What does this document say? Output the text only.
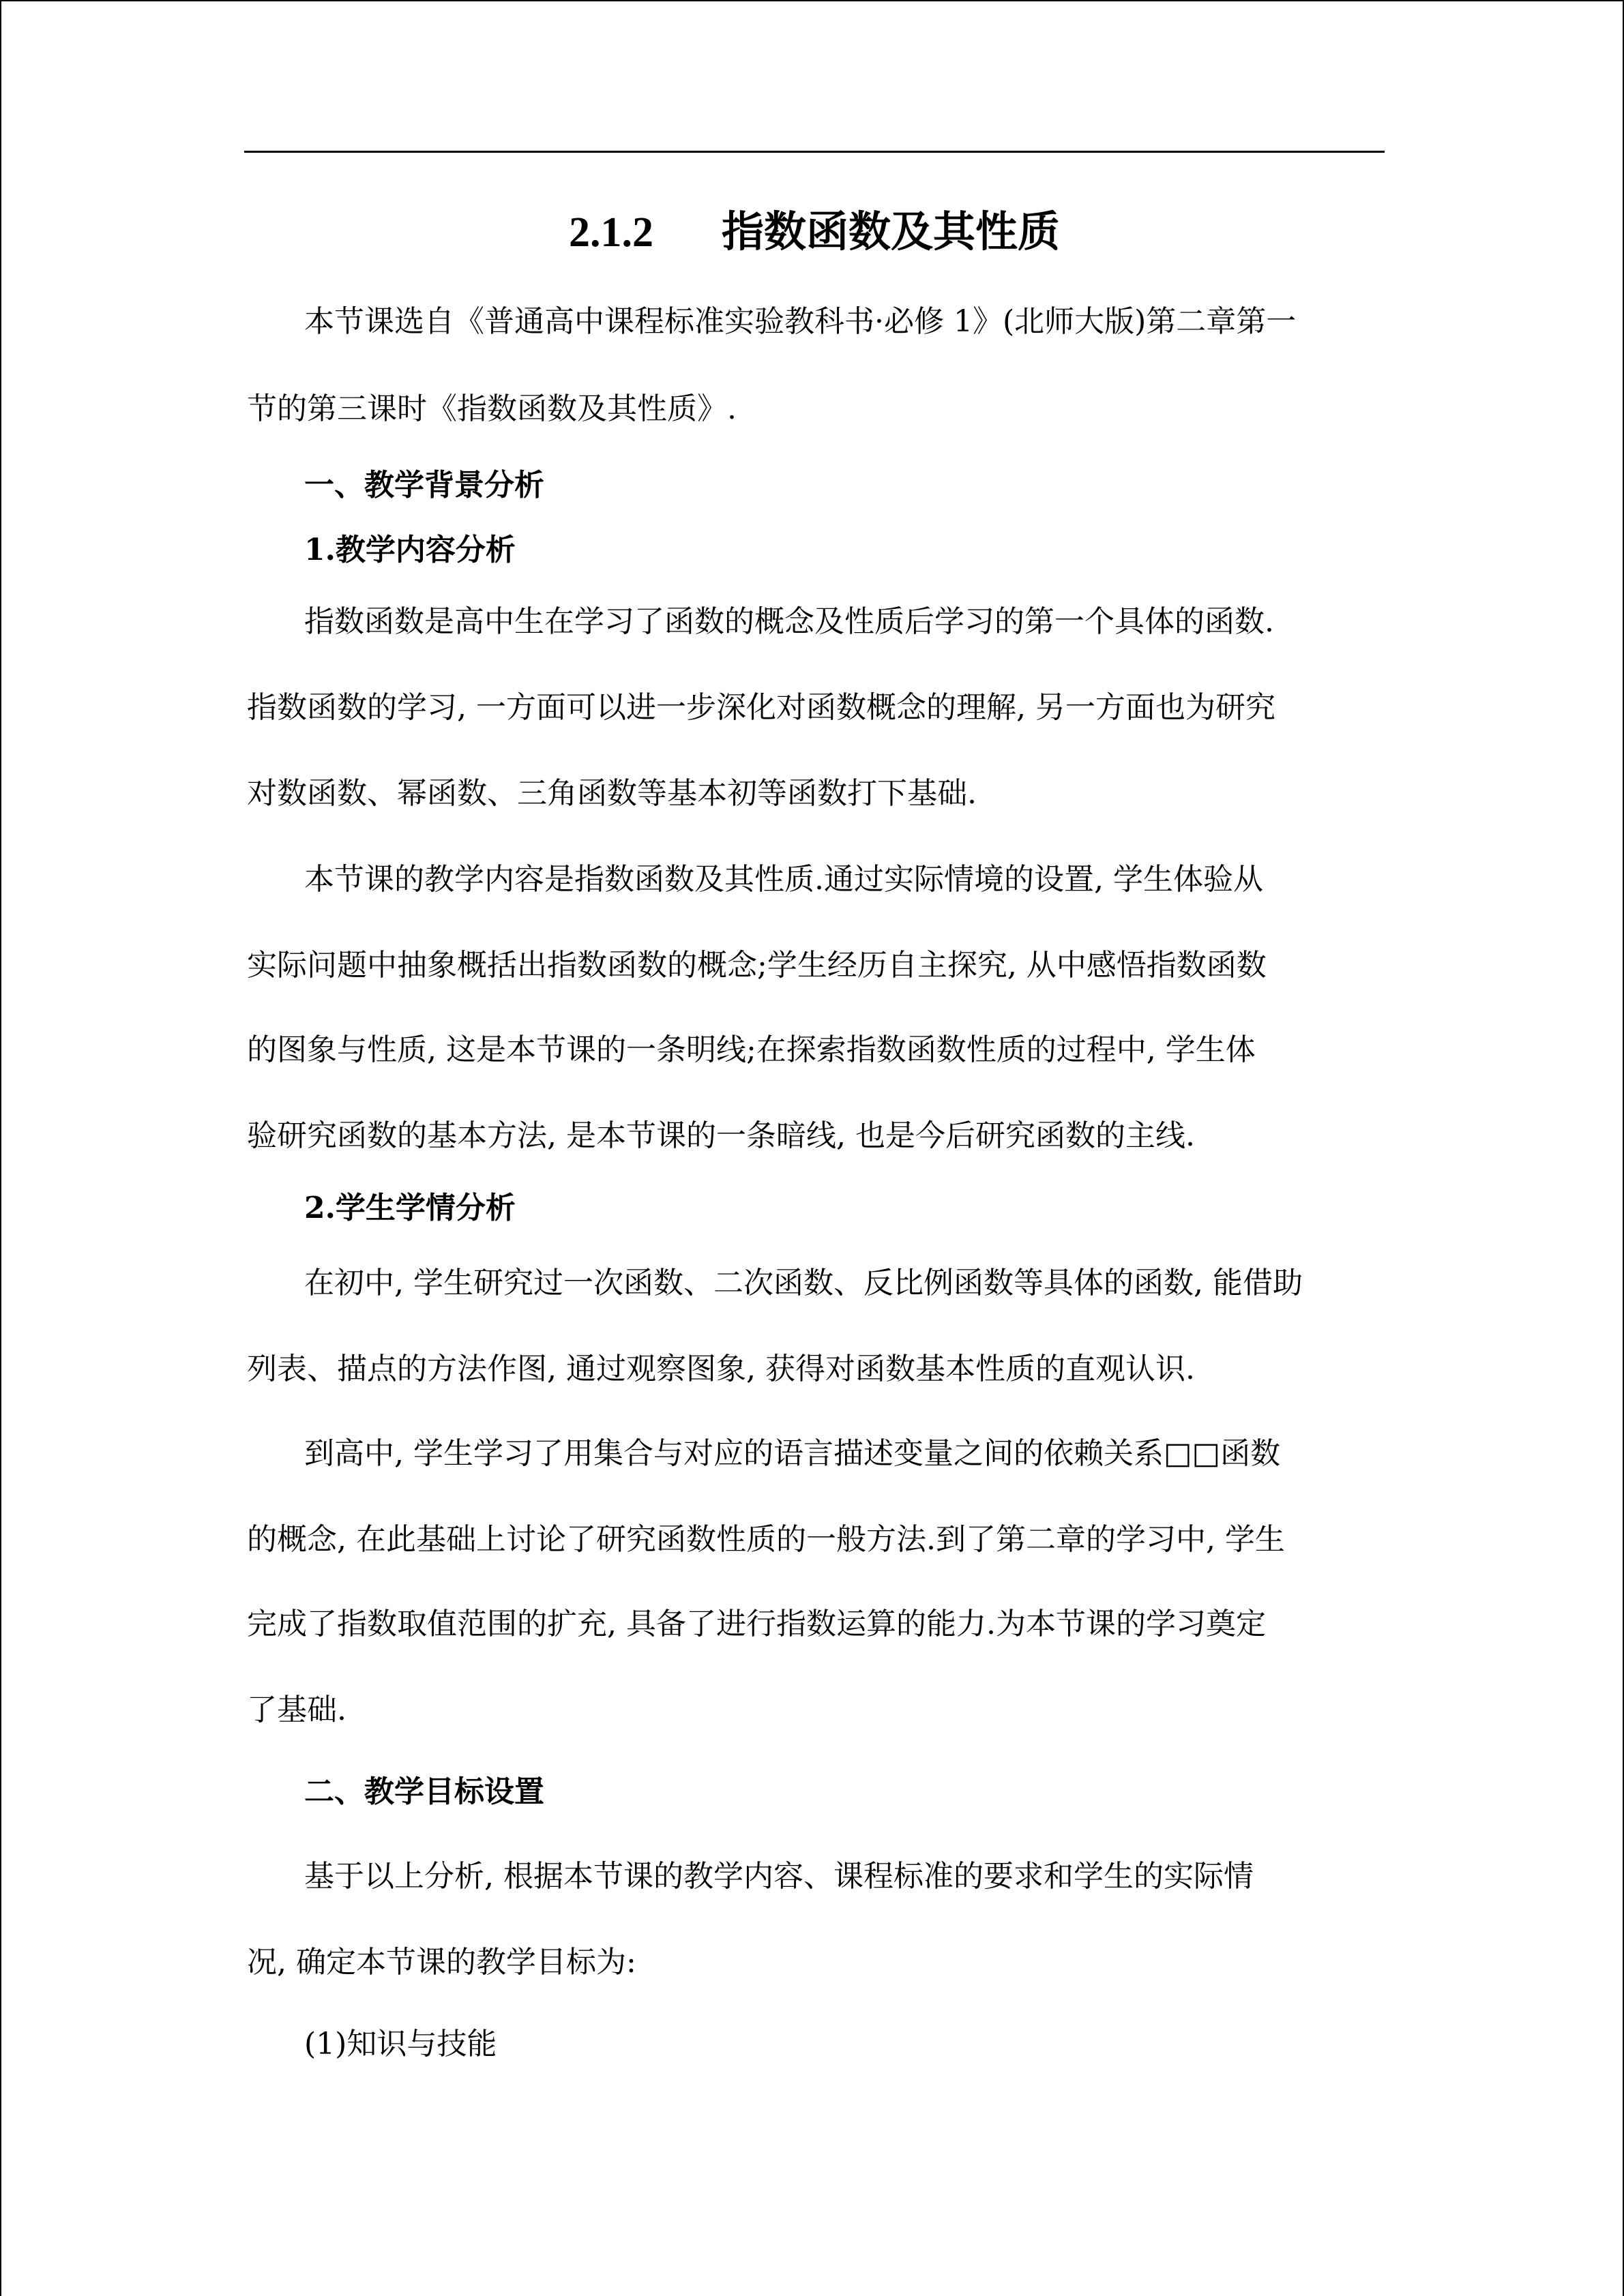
2.1.2 指数函数及其性质
本节课选自《普通高中课程标准实验教科书·必修 1》(北师大版)第二章第一
节的第三课时《指数函数及其性质》.
一、教学背景分析
1.教学内容分析
指数函数是高中生在学习了函数的概念及性质后学习的第一个具体的函数.
指数函数的学习, 一方面可以进一步深化对函数概念的理解, 另一方面也为研究
对数函数、幂函数、三角函数等基本初等函数打下基础.
本节课的教学内容是指数函数及其性质.通过实际情境的设置, 学生体验从
实际问题中抽象概括出指数函数的概念;学生经历自主探究, 从中感悟指数函数
的图象与性质, 这是本节课的一条明线;在探索指数函数性质的过程中, 学生体
验研究函数的基本方法, 是本节课的一条暗线, 也是今后研究函数的主线.
2.学生学情分析
在初中, 学生研究过一次函数、二次函数、反比例函数等具体的函数, 能借助
列表、描点的方法作图, 通过观察图象, 获得对函数基本性质的直观认识.
到高中, 学生学习了用集合与对应的语言描述变量之间的依赖关系□□函数
的概念, 在此基础上讨论了研究函数性质的一般方法.到了第二章的学习中, 学生
完成了指数取值范围的扩充, 具备了进行指数运算的能力.为本节课的学习奠定
了基础.
二、教学目标设置
基于以上分析, 根据本节课的教学内容、课程标准的要求和学生的实际情
况, 确定本节课的教学目标为:
(1)知识与技能
